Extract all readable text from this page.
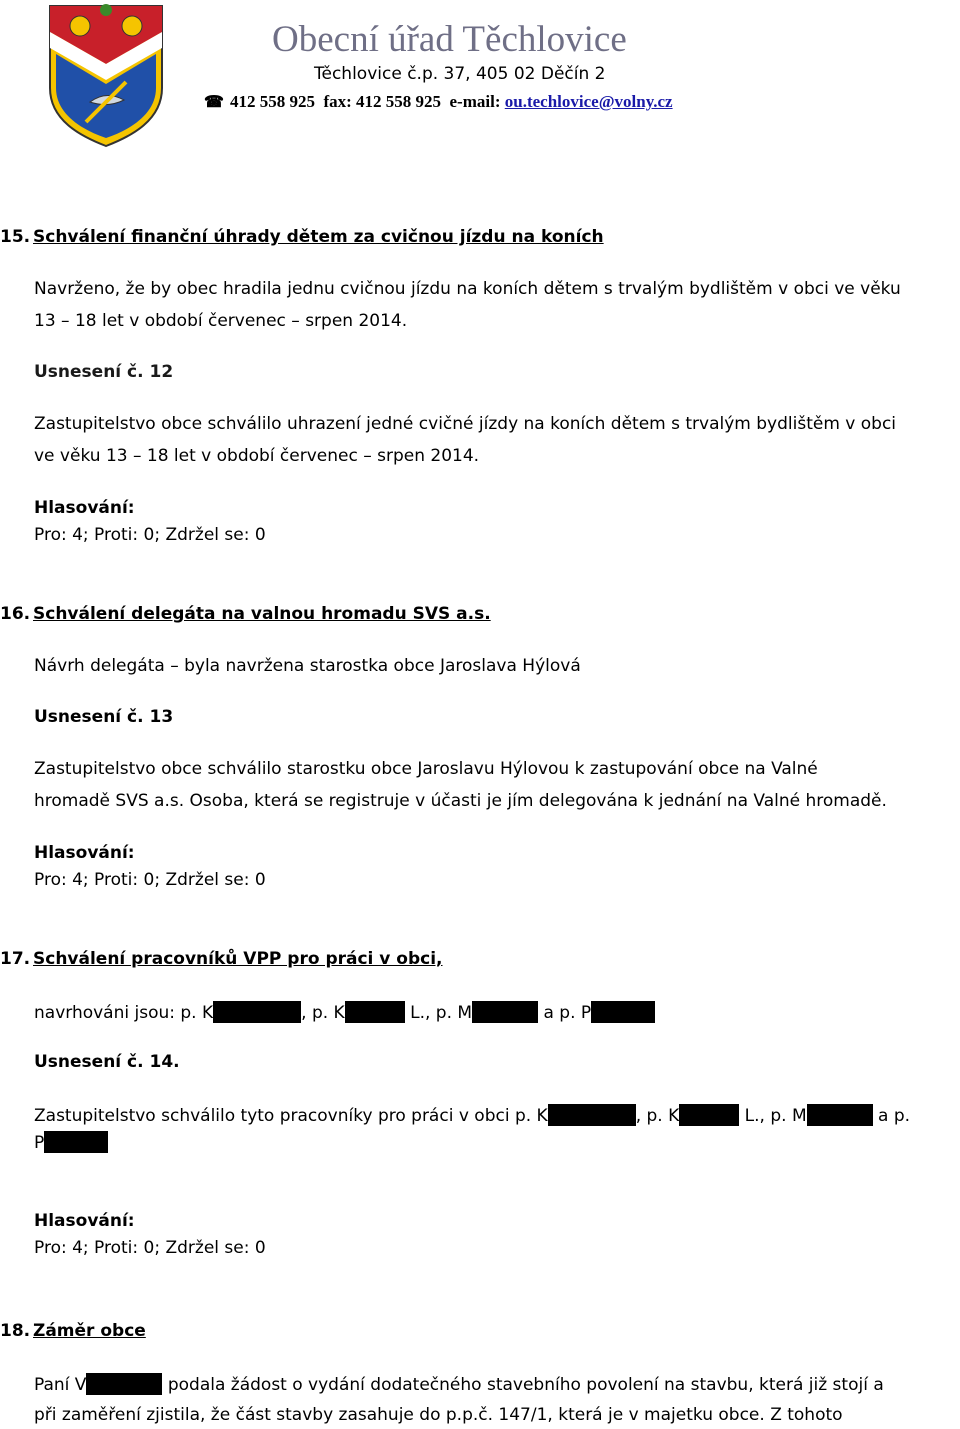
Obecní úřad Těchlovice
Těchlovice č.p. 37, 405 02 Děčín 2
☎ 412 558 925  fax: 412 558 925  e-mail: ou.techlovice@volny.cz
15. Schválení finanční úhrady dětem za cvičnou jízdu na koních
Navrženo, že by obec hradila jednu cvičnou jízdu na koních dětem s trvalým bydlištěm v obci ve věku
13 – 18 let v období červenec – srpen 2014.
Usnesení č. 12
Zastupitelstvo obce schválilo uhrazení jedné cvičné jízdy na koních dětem s trvalým bydlištěm v obci
ve věku 13 – 18 let v období červenec – srpen 2014.
Hlasování:
Pro: 4; Proti: 0; Zdržel se: 0
16. Schválení delegáta na valnou hromadu SVS a.s.
Návrh delegáta – byla navržena starostka obce Jaroslava Hýlová
Usnesení č. 13
Zastupitelstvo obce schválilo starostku obce Jaroslavu Hýlovou k zastupování obce na Valné
hromadě SVS a.s. Osoba, která se registruje v účasti je jím delegována k jednání na Valné hromadě.
Hlasování:
Pro: 4; Proti: 0; Zdržel se: 0
17. Schválení pracovníků VPP pro práci v obci,
navrhováni jsou: p. K	, p. K	L., p. M	a p. P
Usnesení č. 14.
Zastupitelstvo schválilo tyto pracovníky pro práci v obci p. K	, p. K	L., p. M	a p.
P
Hlasování:
Pro: 4; Proti: 0; Zdržel se: 0
18. Záměr obce
Paní V	podala žádost o vydání dodatečného stavebního povolení na stavbu, která již stojí a
při zaměření zjistila, že část stavby zasahuje do p.p.č. 147/1, která je v majetku obce. Z tohoto
